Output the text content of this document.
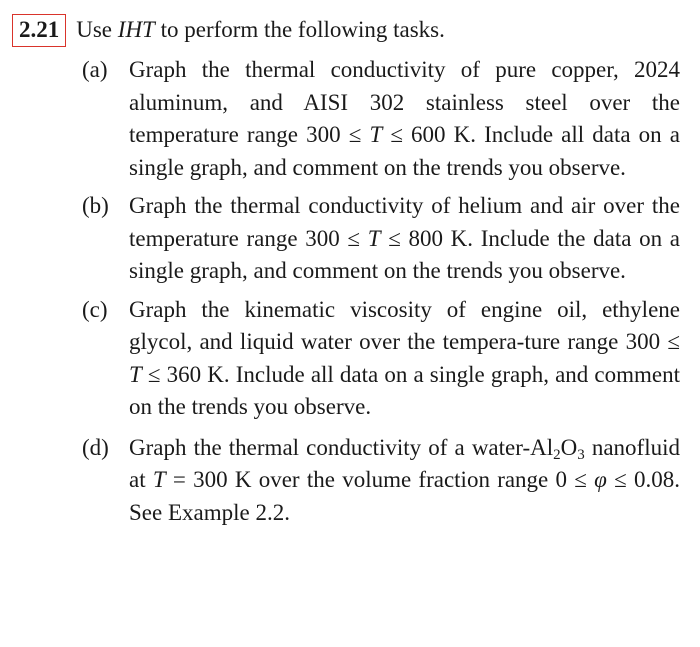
2.21 Use IHT to perform the following tasks.
(a) Graph the thermal conductivity of pure copper, 2024 aluminum, and AISI 302 stainless steel over the temperature range 300 ≤ T ≤ 600 K. Include all data on a single graph, and comment on the trends you observe.
(b) Graph the thermal conductivity of helium and air over the temperature range 300 ≤ T ≤ 800 K. Include the data on a single graph, and comment on the trends you observe.
(c) Graph the kinematic viscosity of engine oil, ethylene glycol, and liquid water over the tempera-ture range 300 ≤ T ≤ 360 K. Include all data on a single graph, and comment on the trends you observe.
(d) Graph the thermal conductivity of a water-$Al_2O_3$ nanofluid at T = 300 K over the volume fraction range 0 ≤ φ ≤ 0.08. See Example 2.2.
